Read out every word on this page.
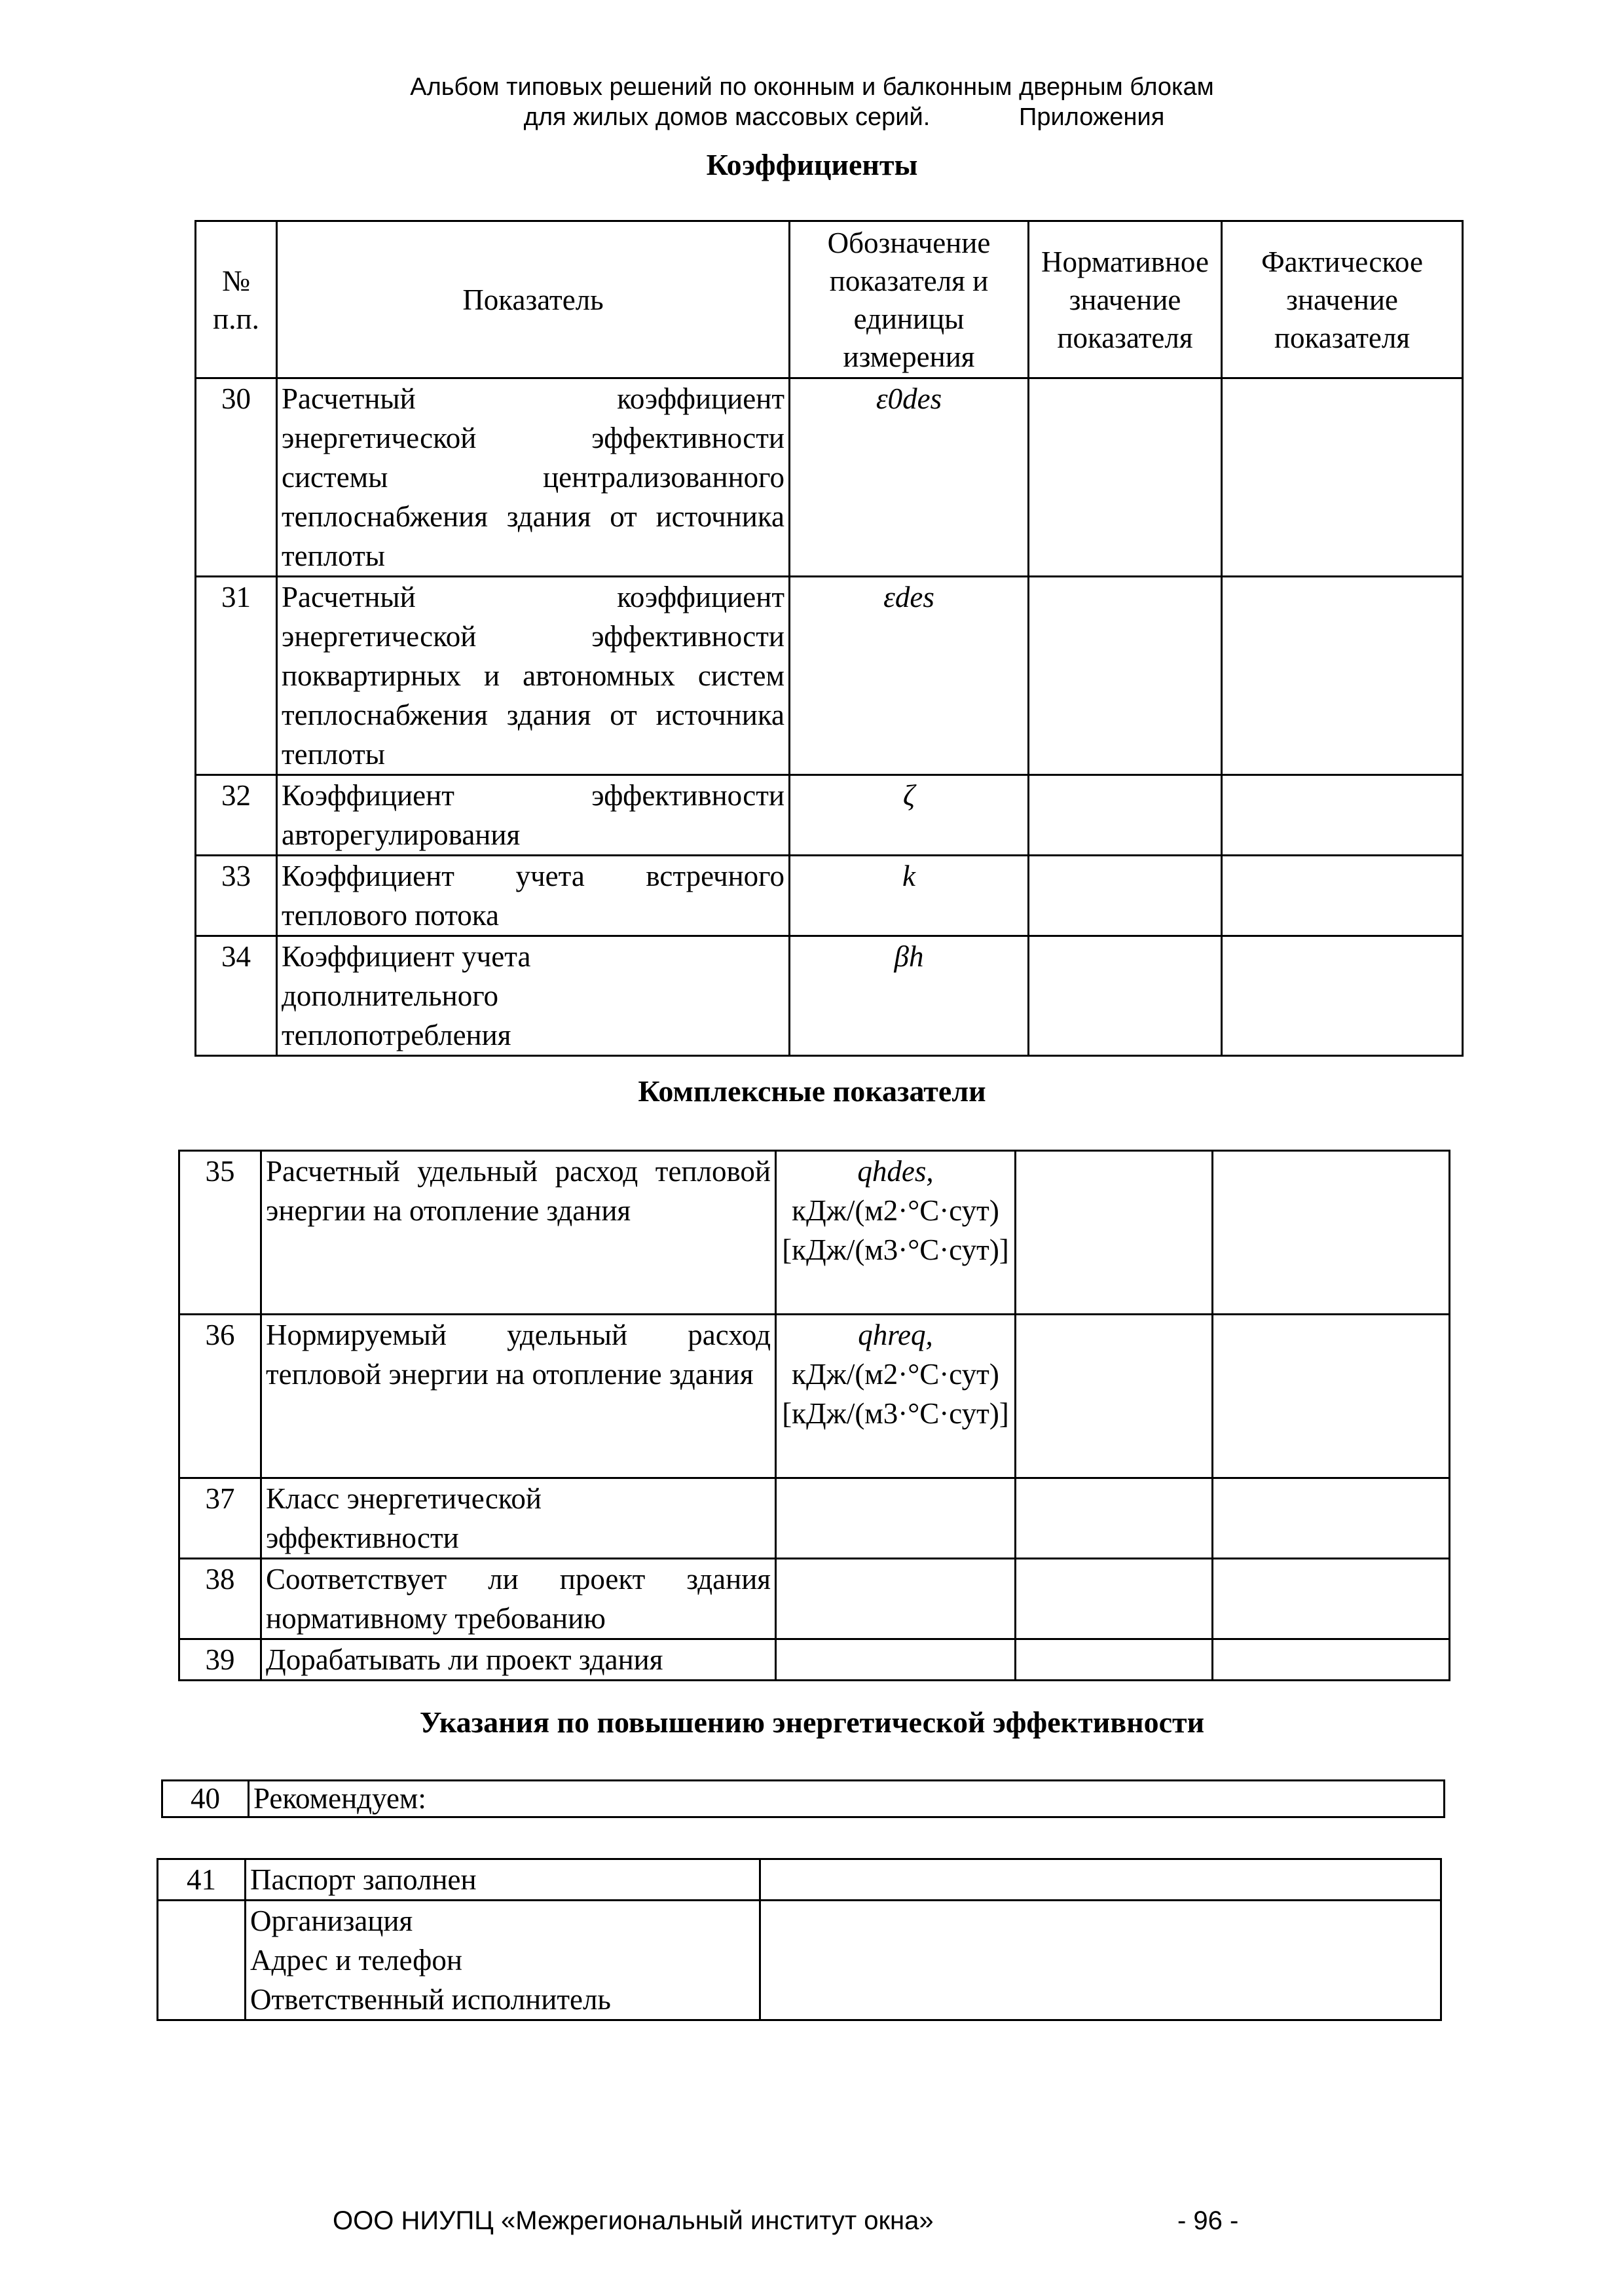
Альбом типовых решений по оконным и балконным дверным блокам
для жилых домов массовых серий.	Приложения
Коэффициенты
№ п.п.	Показатель	Обозначение показателя и единицы измерения	Нормативное значение показателя	Фактическое значение показателя
30	Расчетный коэффициент энергетической эффективности системы централизованного теплоснабжения здания от источника теплоты	ε0des		
31	Расчетный коэффициент энергетической эффективности поквартирных и автономных систем теплоснабжения здания от источника теплоты	εdes		
32	Коэффициент эффективности авторегулирования	ζ		
33	Коэффициент учета встречного теплового потока	k		
34	Коэффициент учета дополнительного теплопотребления	βh		
Комплексные показатели
35	Расчетный удельный расход тепловой энергии на отопление здания	qhdes,
кДж/(м2·°С·сут)
[кДж/(м3·°С·сут)]		

36	Нормируемый удельный расход тепловой энергии на отопление здания	qhreq,
кДж/(м2·°С·сут)
[кДж/(м3·°С·сут)]		

37	Класс энергетической эффективности			
38	Соответствует ли проект здания нормативному требованию			
39	Дорабатывать ли проект здания			
Указания по повышению энергетической эффективности
40	Рекомендуем:
41	Паспорт заполнен	

	Организация
Адрес и телефон
Ответственный исполнитель	

ООО НИУПЦ «Межрегиональный институт окна»	- 96 -
